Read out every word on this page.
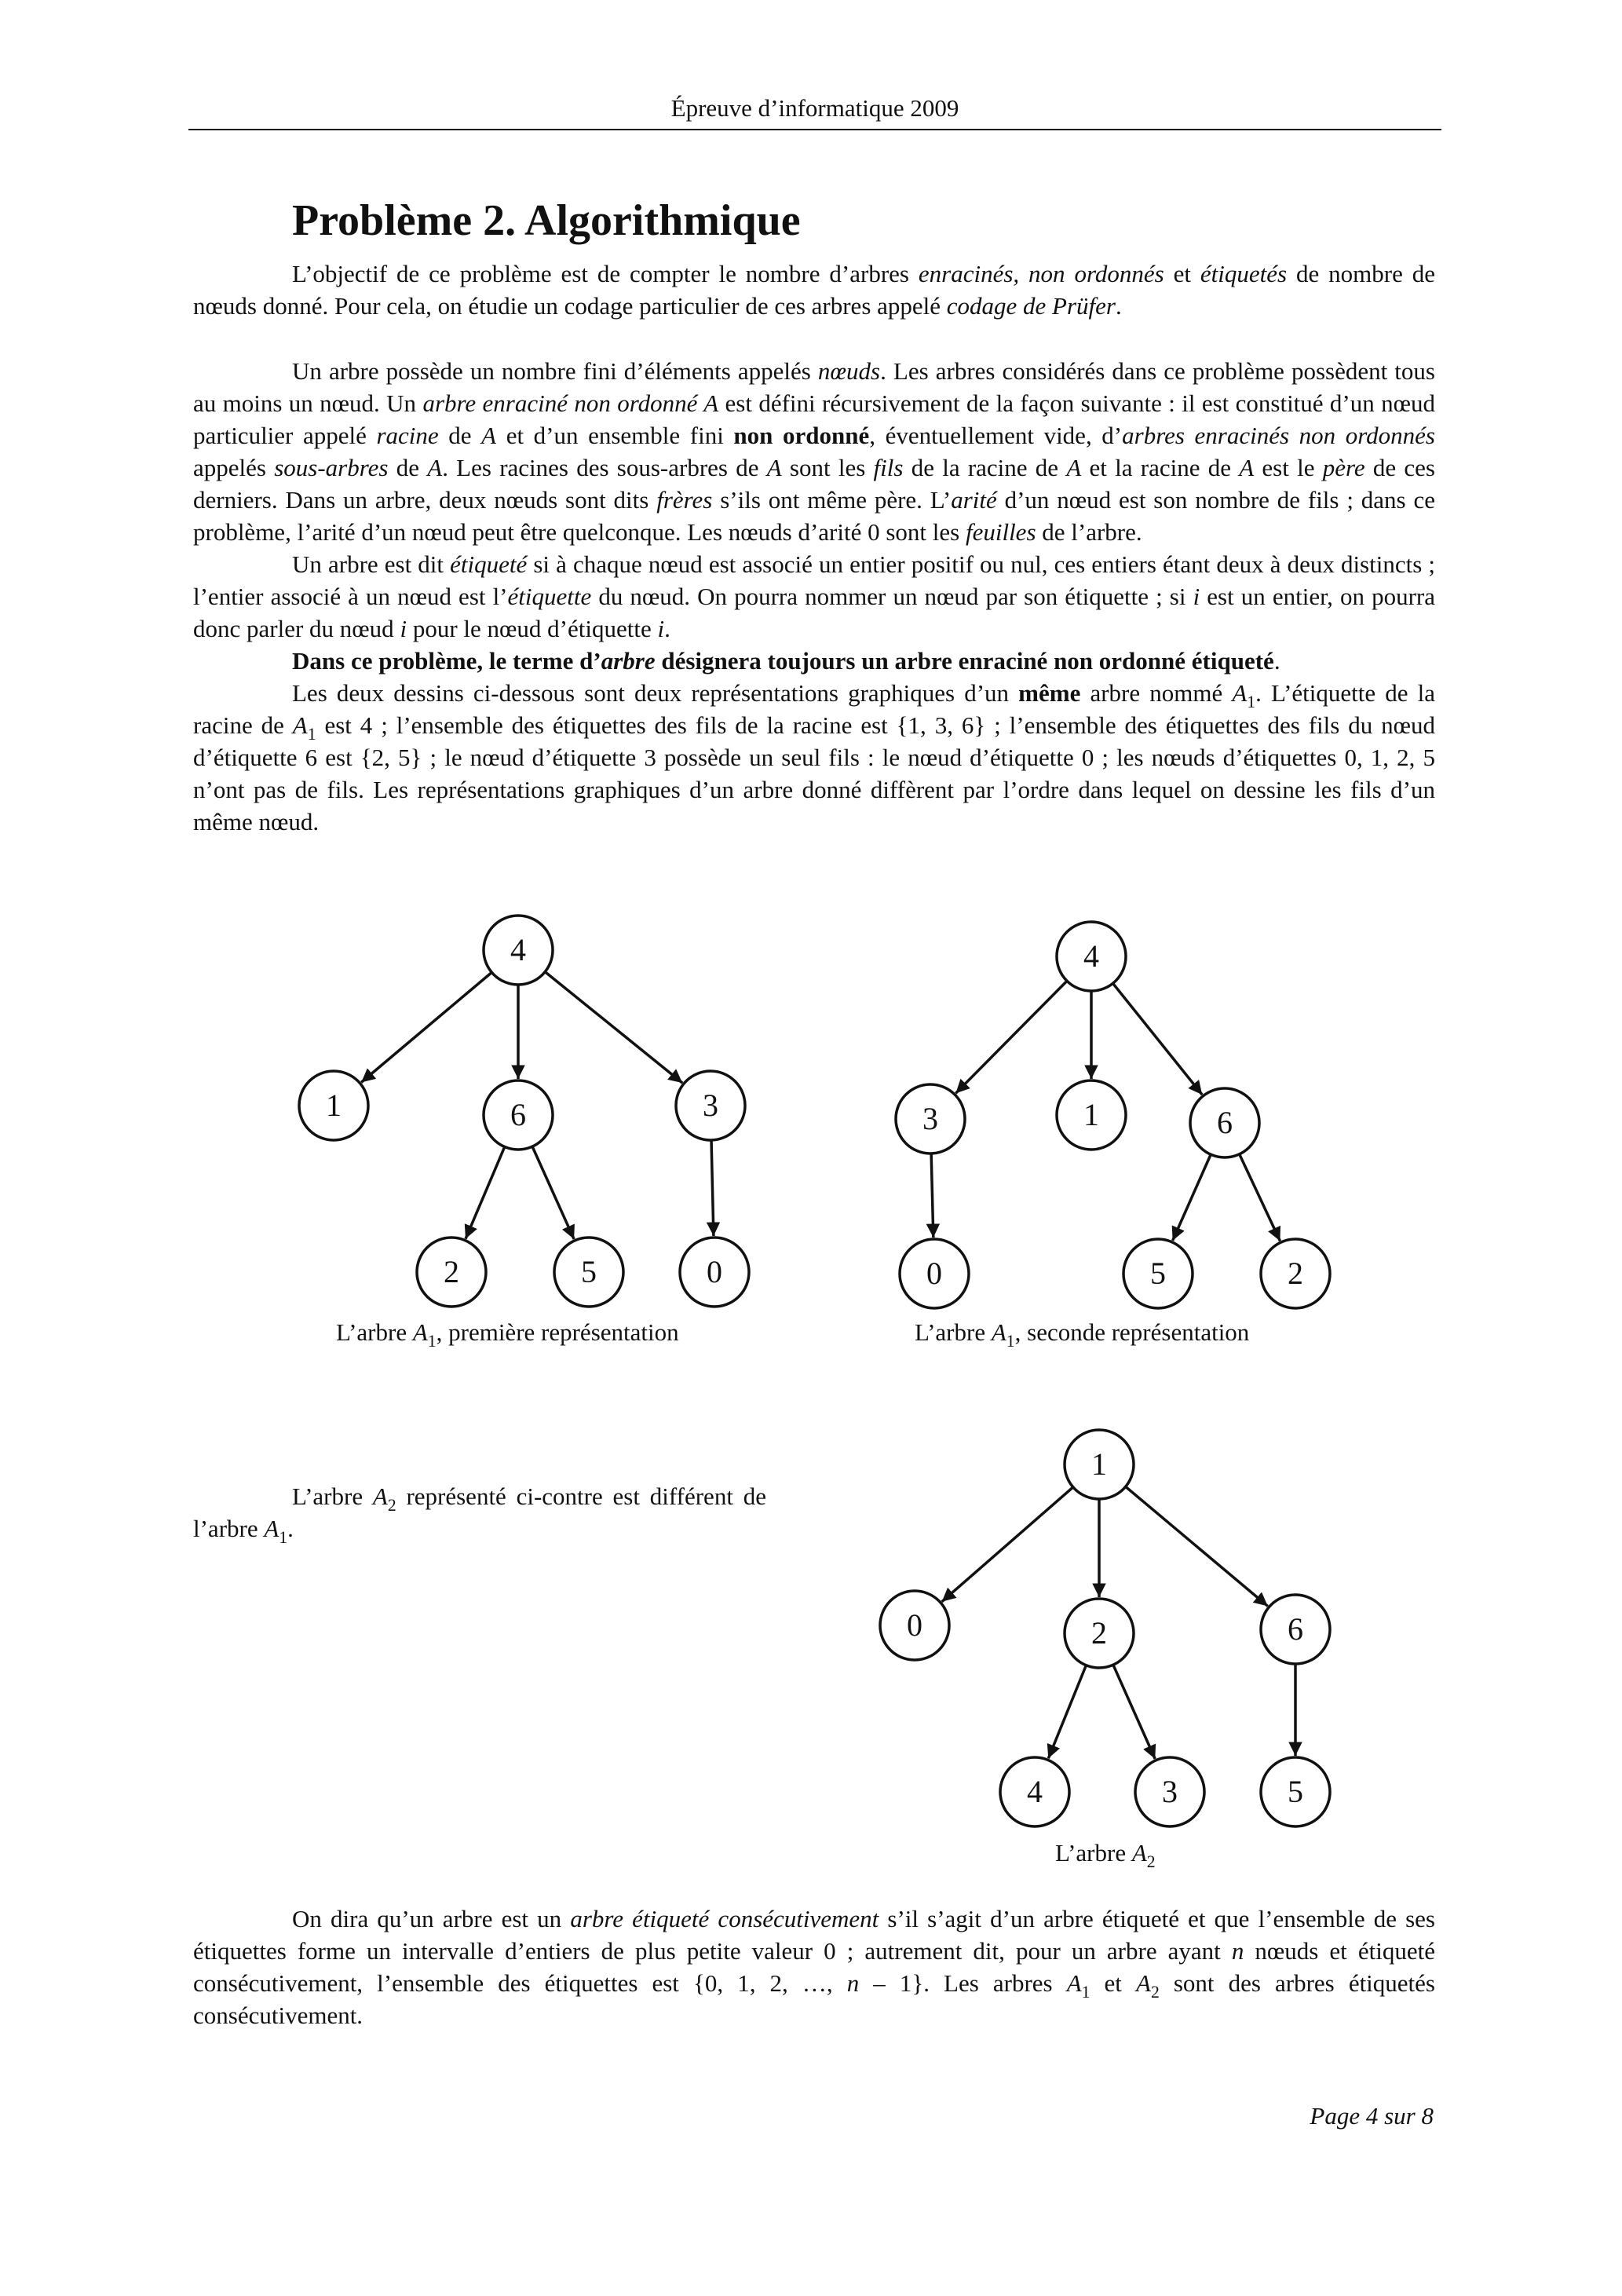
Épreuve d’informatique 2009
Problème 2. Algorithmique

L’objectif de ce problème est de compter le nombre d’arbres enracinés, non ordonnés et étiquetés de nombre de nœuds donné. Pour cela, on étudie un codage particulier de ces arbres appelé codage de Prüfer.

Un arbre possède un nombre fini d’éléments appelés nœuds. Les arbres considérés dans ce problème possèdent tous au moins un nœud. Un arbre enraciné non ordonné A est défini récursivement de la façon suivante : il est constitué d’un nœud particulier appelé racine de A et d’un ensemble fini non ordonné, éventuellement vide, d’arbres enracinés non ordonnés appelés sous-arbres de A. Les racines des sous-arbres de A sont les fils de la racine de A et la racine de A est le père de ces derniers. Dans un arbre, deux nœuds sont dits frères s’ils ont même père. L’arité d’un nœud est son nombre de fils ; dans ce problème, l’arité d’un nœud peut être quelconque. Les nœuds d’arité 0 sont les feuilles de l’arbre.

Un arbre est dit étiqueté si à chaque nœud est associé un entier positif ou nul, ces entiers étant deux à deux distincts ; l’entier associé à un nœud est l’étiquette du nœud. On pourra nommer un nœud par son étiquette ; si i est un entier, on pourra donc parler du nœud i pour le nœud d’étiquette i.

Dans ce problème, le terme d’arbre désignera toujours un arbre enraciné non ordonné étiqueté.

Les deux dessins ci-dessous sont deux représentations graphiques d’un même arbre nommé $A_1$. L’étiquette de la racine de $A_1$ est 4 ; l’ensemble des étiquettes des fils de la racine est {1, 3, 6} ; l’ensemble des étiquettes des fils du nœud d’étiquette 6 est {2, 5} ; le nœud d’étiquette 3 possède un seul fils : le nœud d’étiquette 0 ; les nœuds d’étiquettes 0, 1, 2, 5 n’ont pas de fils. Les représentations graphiques d’un arbre donné diffèrent par l’ordre dans lequel on dessine les fils d’un même nœud.

4
1	6	3
2	5	0
4
3	1	6
0	5	2
1
0	2	6
4	3	5
L’arbre $A_1$, première représentation	L’arbre $A_1$, seconde représentation

L’arbre $A_2$ représenté ci-contre est différent de l’arbre $A_1$.

L’arbre $A_2$

On dira qu’un arbre est un arbre étiqueté consécutivement s’il s’agit d’un arbre étiqueté et que l’ensemble de ses étiquettes forme un intervalle d’entiers de plus petite valeur 0 ; autrement dit, pour un arbre ayant n nœuds et étiqueté consécutivement, l’ensemble des étiquettes est {0, 1, 2, …, n – 1}. Les arbres $A_1$ et $A_2$ sont des arbres étiquetés consécutivement.

Page 4 sur 8
